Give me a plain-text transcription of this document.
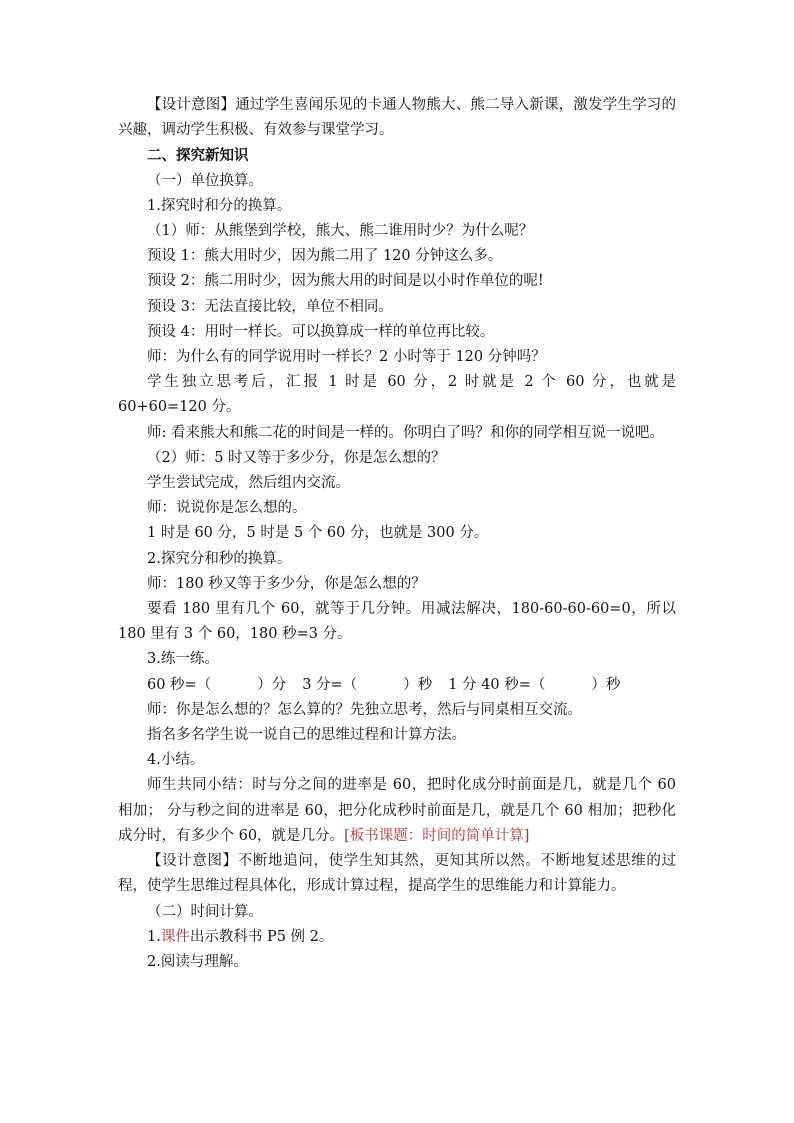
【设计意图】通过学生喜闻乐见的卡通人物熊大、熊二导入新课，激发学生学习的兴趣，调动学生积极、有效参与课堂学习。

二、探究新知识

（一）单位换算。

1.探究时和分的换算。

（1）师：从熊堡到学校，熊大、熊二谁用时少？为什么呢？

预设 1：熊大用时少，因为熊二用了 120 分钟这么多。

预设 2：熊二用时少，因为熊大用的时间是以小时作单位的呢!

预设 3：无法直接比较，单位不相同。

预设 4：用时一样长。可以换算成一样的单位再比较。

师：为什么有的同学说用时一样长？2 小时等于 120 分钟吗？

学生独立思考后，汇报 1 时是 60 分，2 时就是 2 个 60 分，也就是 60+60=120 分。

师: 看来熊大和熊二花的时间是一样的。你明白了吗？和你的同学相互说一说吧。

（2）师：5 时又等于多少分，你是怎么想的？

学生尝试完成，然后组内交流。

师：说说你是怎么想的。

1 时是 60 分，5 时是 5 个 60 分，也就是 300 分。

2.探究分和秒的换算。

师：180 秒又等于多少分，你是怎么想的？

要看 180 里有几个 60，就等于几分钟。用减法解决，180-60-60-60=0，所以 180 里有 3 个 60，180 秒=3 分。

3.练一练。

60 秒=（	）分 3 分=（	）秒 1 分 40 秒=（	）秒

师：你是怎么想的？怎么算的？先独立思考，然后与同桌相互交流。

指名多名学生说一说自己的思维过程和计算方法。

4.小结。

师生共同小结：时与分之间的进率是 60，把时化成分时前面是几，就是几个 60 相加； 分与秒之间的进率是 60，把分化成秒时前面是几，就是几个 60 相加；把秒化成分时，有多少个 60，就是几分。[板书课题：时间的简单计算]

【设计意图】不断地追问，使学生知其然，更知其所以然。不断地复述思维的过程，使学生思维过程具体化，形成计算过程，提高学生的思维能力和计算能力。

（二）时间计算。

1.课件出示教科书 P5 例 2。

2.阅读与理解。
